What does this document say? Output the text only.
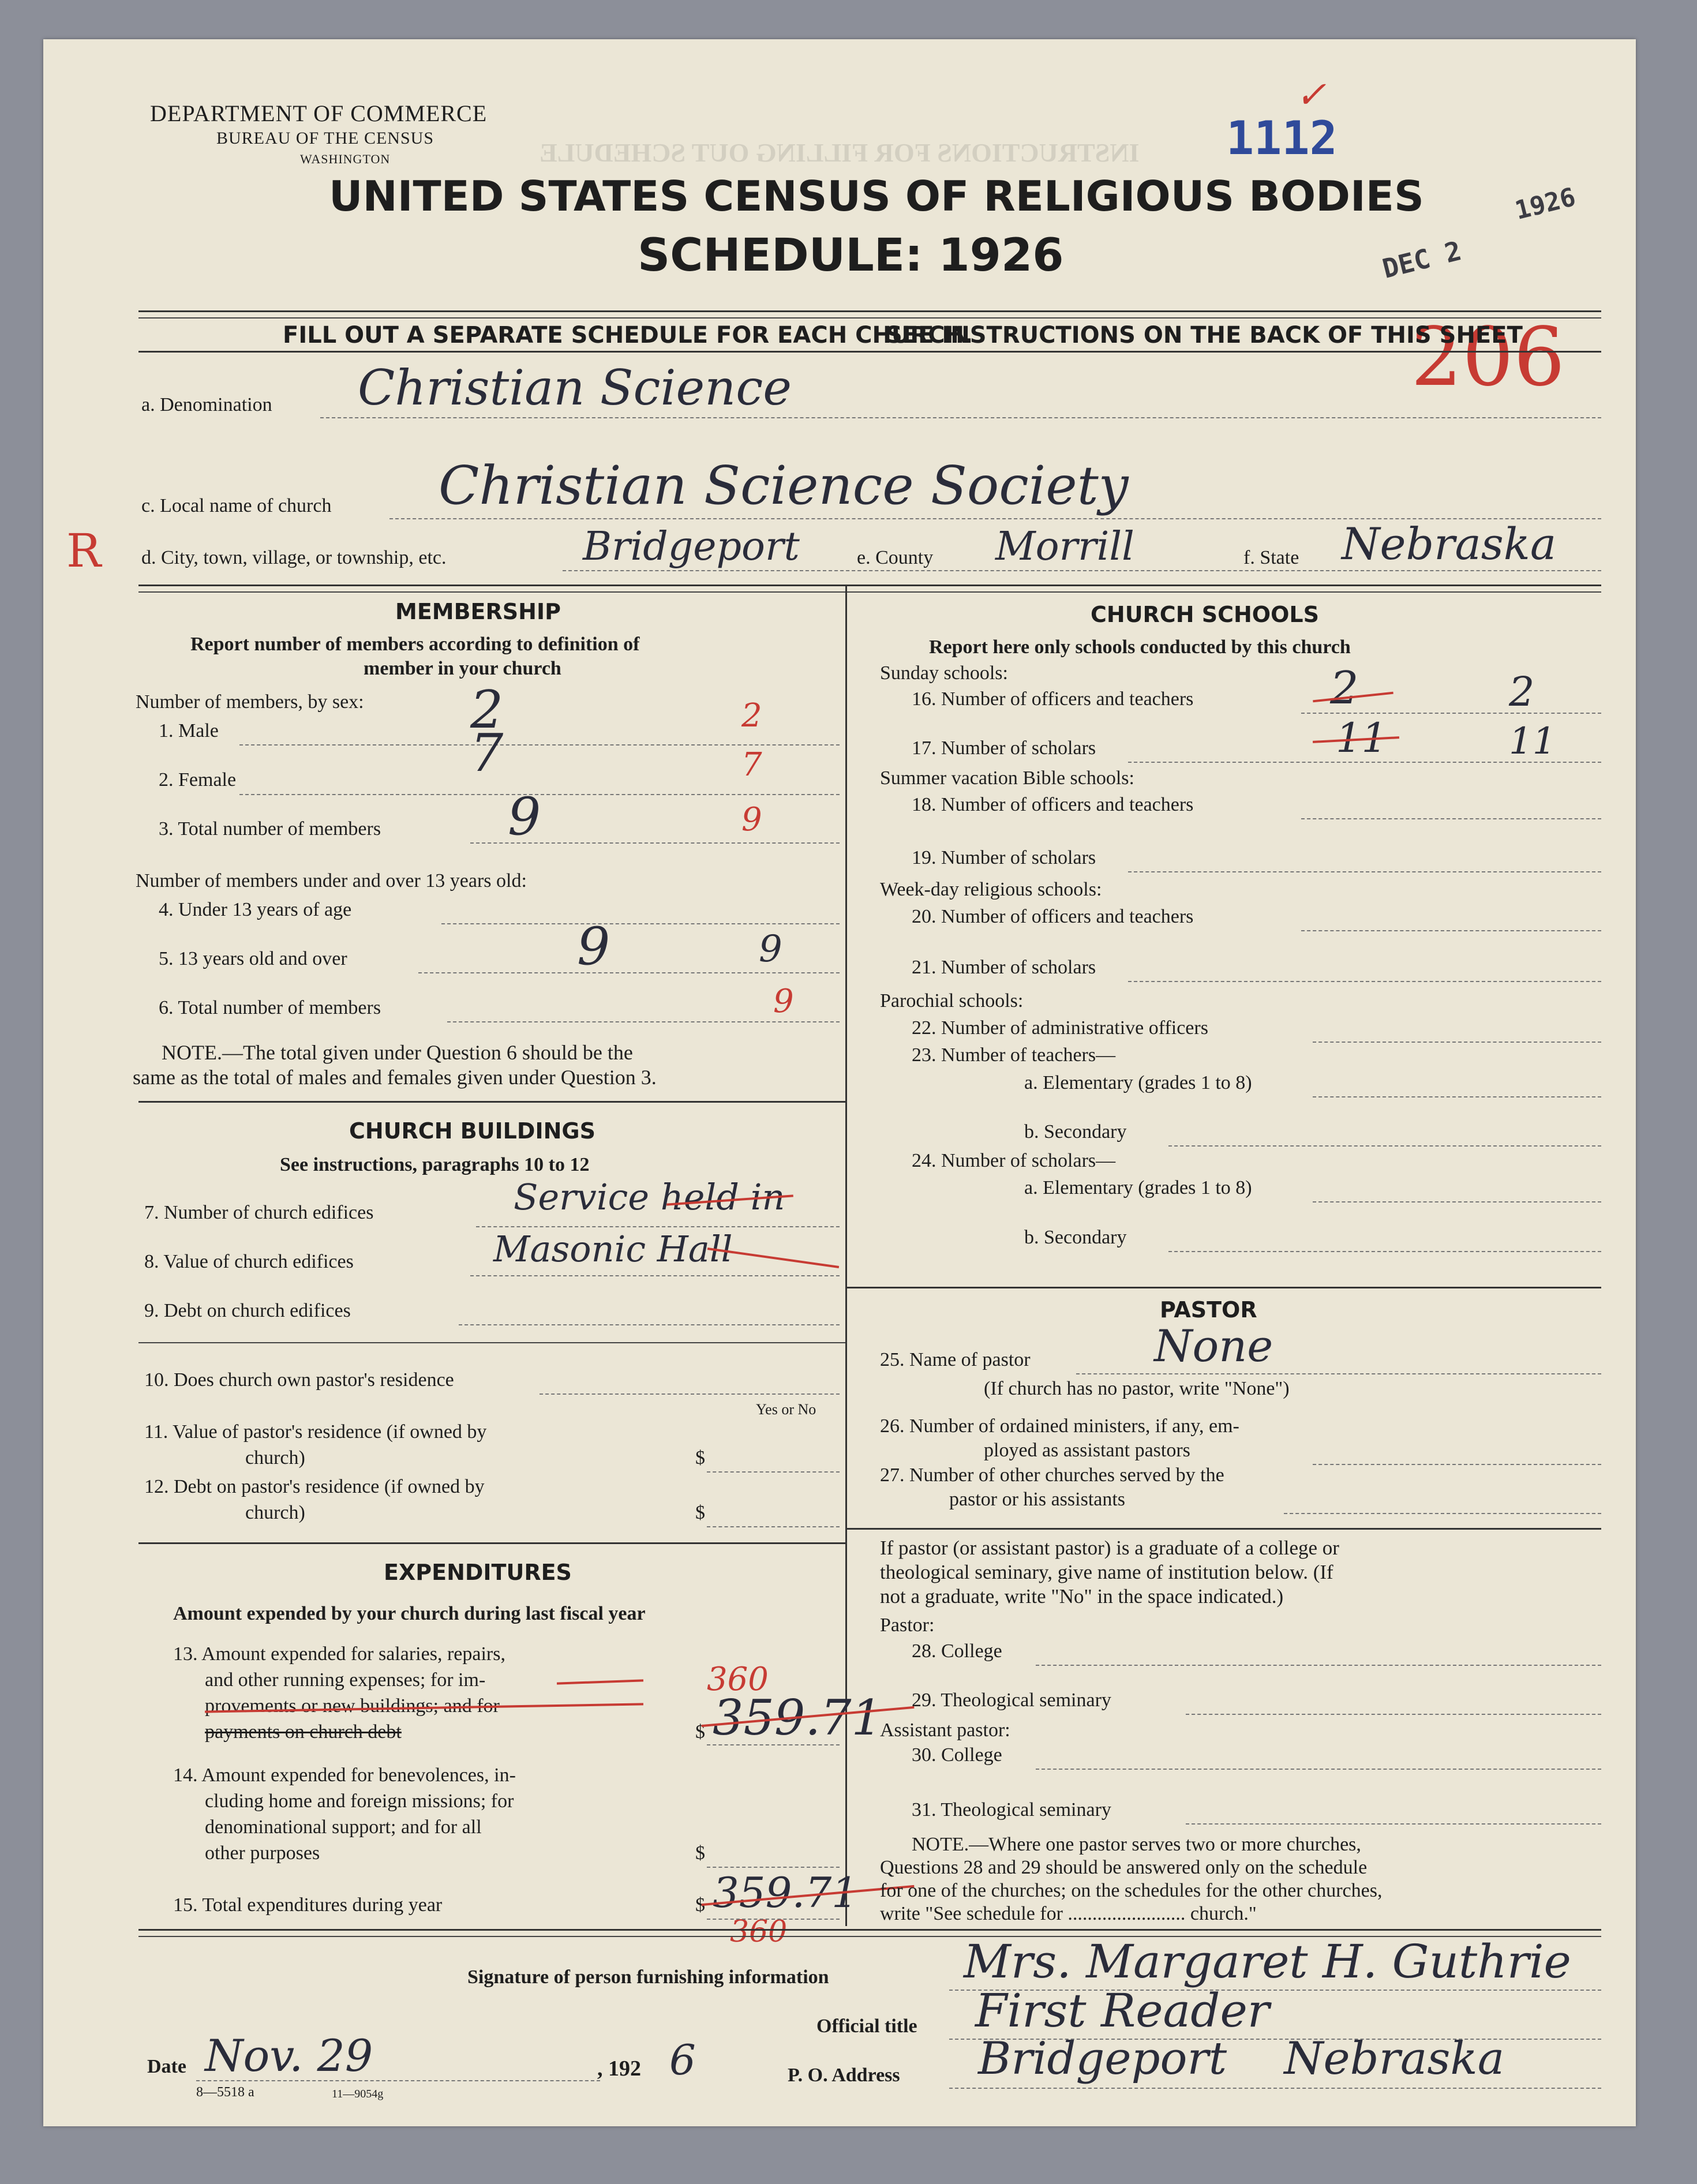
INSTRUCTIONS FOR FILLING OUT SCHEDULE
DEPARTMENT OF COMMERCE
BUREAU OF THE CENSUS
WASHINGTON
UNITED STATES CENSUS OF RELIGIOUS BODIES
SCHEDULE: 1926
1112
✓
DEC 2
1926
206
FILL OUT A SEPARATE SCHEDULE FOR EACH CHURCH.
SEE INSTRUCTIONS ON THE BACK OF THIS SHEET
a. Denomination Christian Science
c. Local name of church Christian Science Society
R d. City, town, village, or township, etc.	Bridgeport	e. County Morrill	f. State Nebraska
MEMBERSHIP
Report number of members according to definition of
member in your church
Number of members, by sex:
1. Male	2	2
2. Female	7	7
3. Total number of members 9	9
Number of members under and over 13 years old:
4. Under 13 years of age
5. 13 years old and over	9	9
6. Total number of members	9
NOTE.—The total given under Question 6 should be the
same as the total of males and females given under Question 3.
CHURCH BUILDINGS
See instructions, paragraphs 10 to 12
7. Number of church edifices	Service held in
8. Value of church edifices	Masonic Hall
9. Debt on church edifices
10. Does church own pastor's residence
Yes or No
11. Value of pastor's residence (if owned by
church)	$
12. Debt on pastor's residence (if owned by
church)	$
EXPENDITURES
Amount expended by your church during last fiscal year
13. Amount expended for salaries, repairs,
and other running expenses; for im-
provements or new buildings; and for
payments on church debt
360
$ 359.71
14. Amount expended for benevolences, in-
cluding home and foreign missions; for
denominational support; and for all
other purposes	$
15. Total expenditures during year	$ 359.71
360
CHURCH SCHOOLS
Report here only schools conducted by this church
Sunday schools:
16. Number of officers and teachers	2	2
17. Number of scholars	11	11
Summer vacation Bible schools:
18. Number of officers and teachers
19. Number of scholars
Week-day religious schools:
20. Number of officers and teachers
21. Number of scholars
Parochial schools:
22. Number of administrative officers
23. Number of teachers—
a. Elementary (grades 1 to 8)
b. Secondary
24. Number of scholars—
a. Elementary (grades 1 to 8)
b. Secondary
PASTOR
25. Name of pastor	None
(If church has no pastor, write "None")
26. Number of ordained ministers, if any, em-
ployed as assistant pastors
27. Number of other churches served by the
pastor or his assistants
If pastor (or assistant pastor) is a graduate of a college or
theological seminary, give name of institution below. (If
not a graduate, write "No" in the space indicated.)
Pastor:
28. College
29. Theological seminary
Assistant pastor:
30. College
31. Theological seminary
NOTE.—Where one pastor serves two or more churches,
Questions 28 and 29 should be answered only on the schedule
for one of the churches; on the schedules for the other churches,
write "See schedule for ........................ church."
Signature of person furnishing information	Mrs. Margaret H. Guthrie
Official title First Reader
Date Nov. 29	, 192 6	P. O. Address Bridgeport    Nebraska
8—5518 a	11—9054g
